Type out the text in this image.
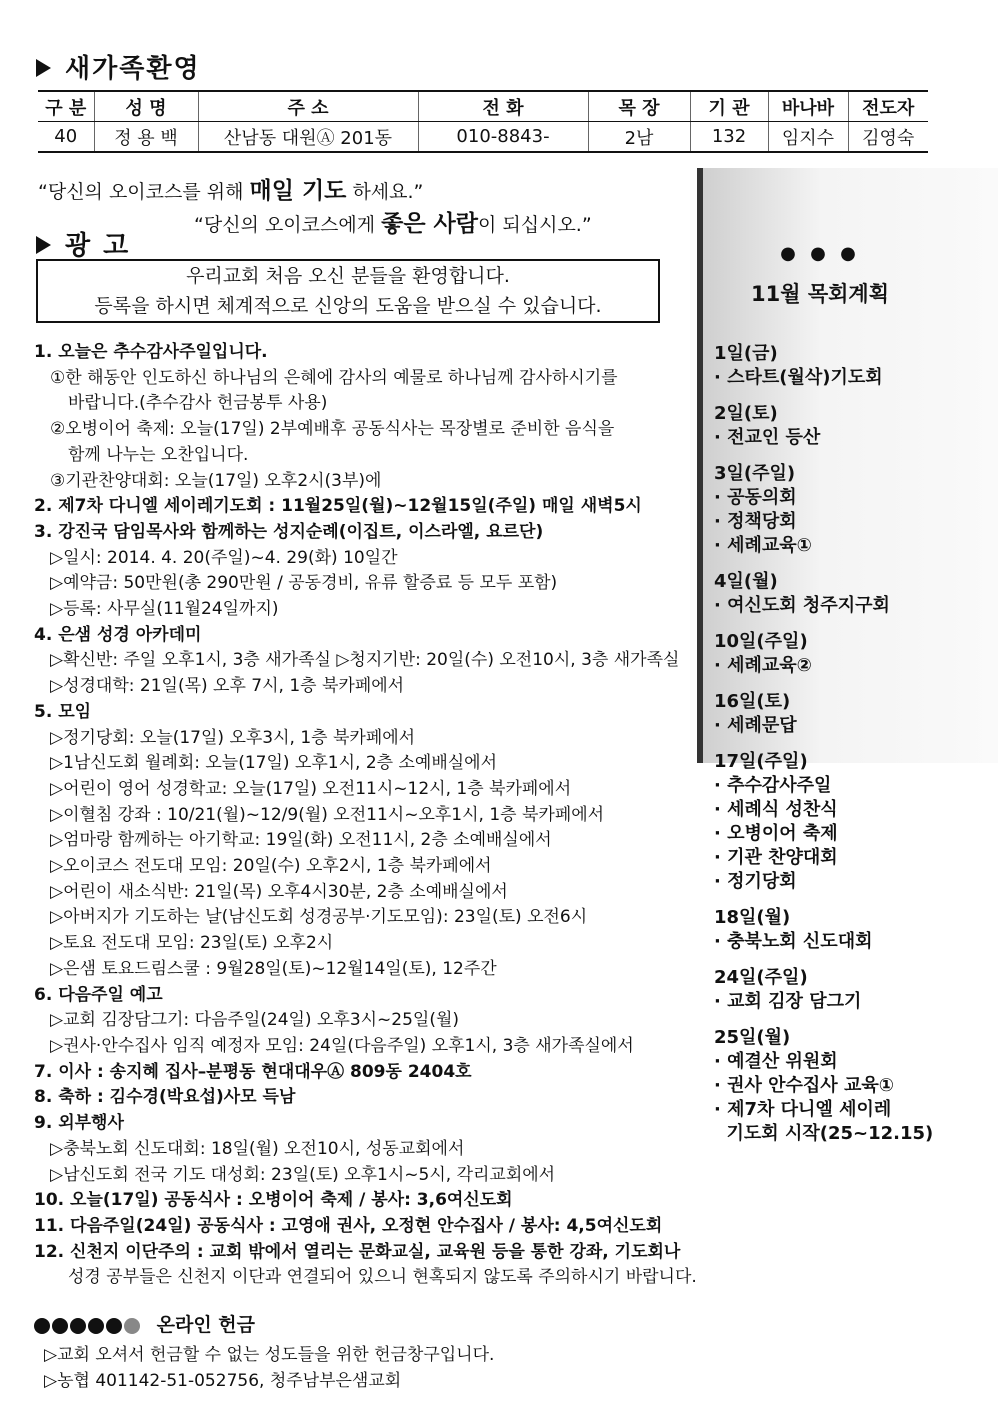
새가족환영
구 분	성 명	주 소	전 화	목 장	기 관	바나바	전도자
40	정 용 백	산남동 대원Ⓐ 201동	010-8843-	2남	132	임지수	김영숙
“당신의 오이코스를 위해 매일 기도 하세요.”
“당신의 오이코스에게 좋은 사람이 되십시오.”
광 고
우리교회 처음 오신 분들을 환영합니다.
등록을 하시면 체계적으로 신앙의 도움을 받으실 수 있습니다.
1. 오늘은 추수감사주일입니다.
①한 해동안 인도하신 하나님의 은혜에 감사의 예물로 하나님께 감사하시기를
바랍니다.(추수감사 헌금봉투 사용)
②오병이어 축제: 오늘(17일) 2부예배후 공동식사는 목장별로 준비한 음식을
함께 나누는 오찬입니다.
③기관찬양대회: 오늘(17일) 오후2시(3부)에
2. 제7차 다니엘 세이레기도회 : 11월25일(월)~12월15일(주일) 매일 새벽5시
3. 강진국 담임목사와 함께하는 성지순례(이집트, 이스라엘, 요르단)
▷일시: 2014. 4. 20(주일)~4. 29(화) 10일간
▷예약금: 50만원(총 290만원 / 공동경비, 유류 할증료 등 모두 포함)
▷등록: 사무실(11월24일까지)
4. 은샘 성경 아카데미
▷확신반: 주일 오후1시, 3층 새가족실 ▷청지기반: 20일(수) 오전10시, 3층 새가족실
▷성경대학: 21일(목) 오후 7시, 1층 북카페에서
5. 모임
▷정기당회: 오늘(17일) 오후3시, 1층 북카페에서
▷1남신도회 월례회: 오늘(17일) 오후1시, 2층 소예배실에서
▷어린이 영어 성경학교: 오늘(17일) 오전11시~12시, 1층 북카페에서
▷이혈침 강좌 : 10/21(월)~12/9(월) 오전11시~오후1시, 1층 북카페에서
▷엄마랑 함께하는 아기학교: 19일(화) 오전11시, 2층 소예배실에서
▷오이코스 전도대 모임: 20일(수) 오후2시, 1층 북카페에서
▷어린이 새소식반: 21일(목) 오후4시30분, 2층 소예배실에서
▷아버지가 기도하는 날(남신도회 성경공부·기도모임): 23일(토) 오전6시
▷토요 전도대 모임: 23일(토) 오후2시
▷은샘 토요드림스쿨 : 9월28일(토)~12월14일(토), 12주간
6. 다음주일 예고
▷교회 김장담그기: 다음주일(24일) 오후3시~25일(월)
▷권사·안수집사 임직 예정자 모임: 24일(다음주일) 오후1시, 3층 새가족실에서
7. 이사 : 송지혜 집사–분평동 현대대우Ⓐ 809동 2404호
8. 축하 : 김수경(박요섭)사모 득남
9. 외부행사
▷충북노회 신도대회: 18일(월) 오전10시, 성동교회에서
▷남신도회 전국 기도 대성회: 23일(토) 오후1시~5시, 각리교회에서
10. 오늘(17일) 공동식사 : 오병이어 축제 / 봉사: 3,6여신도회
11. 다음주일(24일) 공동식사 : 고영애 권사, 오정현 안수집사 / 봉사: 4,5여신도회
12. 신천지 이단주의 : 교회 밖에서 열리는 문화교실, 교육원 등을 통한 강좌, 기도회나
성경 공부들은 신천지 이단과 연결되어 있으니 현혹되지 않도록 주의하시기 바랍니다.
온라인 헌금
▷교회 오셔서 헌금할 수 없는 성도들을 위한 헌금창구입니다.
▷농협 401142-51-052756, 청주남부은샘교회
● ● ●
11월 목회계획
1일(금)
· 스타트(월삭)기도회
2일(토)
· 전교인 등산
3일(주일)
· 공동의회
· 정책당회
· 세례교육①
4일(월)
· 여신도회 청주지구회
10일(주일)
· 세례교육②
16일(토)
· 세례문답
17일(주일)
· 추수감사주일
· 세례식 성찬식
· 오병이어 축제
· 기관 찬양대회
· 정기당회
18일(월)
· 충북노회 신도대회
24일(주일)
· 교회 김장 담그기
25일(월)
· 예결산 위원회
· 권사 안수집사 교육①
· 제7차 다니엘 세이레
기도회 시작(25~12.15)
